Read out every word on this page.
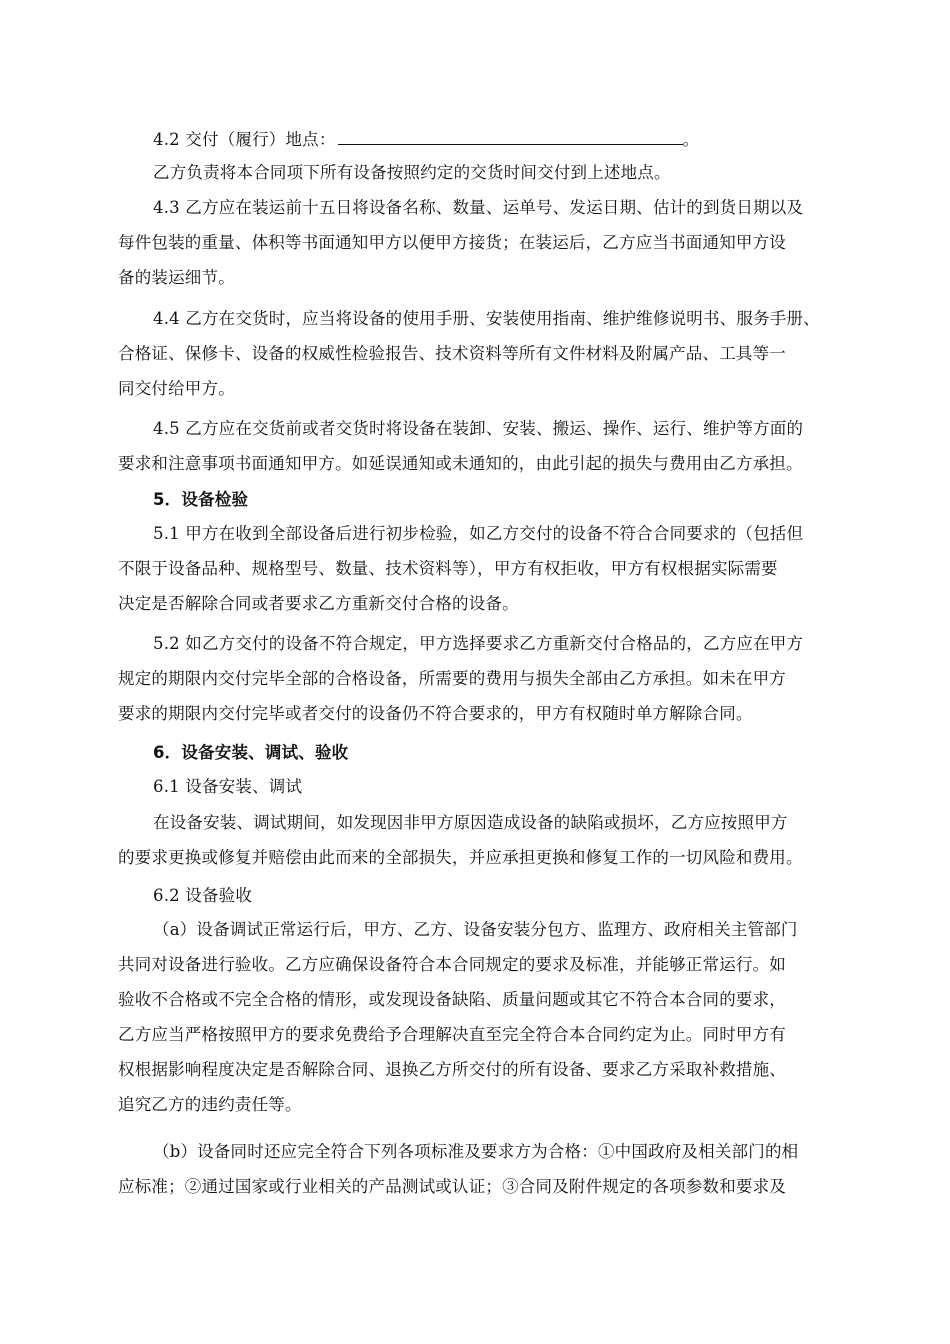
4.2 交付（履行）地点：	。
乙方负责将本合同项下所有设备按照约定的交货时间交付到上述地点。
4.3 乙方应在装运前十五日将设备名称、数量、运单号、发运日期、估计的到货日期以及
每件包装的重量、体积等书面通知甲方以便甲方接货；在装运后，乙方应当书面通知甲方设
备的装运细节。
4.4 乙方在交货时，应当将设备的使用手册、安装使用指南、维护维修说明书、服务手册、
合格证、保修卡、设备的权威性检验报告、技术资料等所有文件材料及附属产品、工具等一
同交付给甲方。
4.5 乙方应在交货前或者交货时将设备在装卸、安装、搬运、操作、运行、维护等方面的
要求和注意事项书面通知甲方。如延误通知或未通知的，由此引起的损失与费用由乙方承担。
5．设备检验
5.1 甲方在收到全部设备后进行初步检验，如乙方交付的设备不符合合同要求的（包括但
不限于设备品种、规格型号、数量、技术资料等），甲方有权拒收，甲方有权根据实际需要
决定是否解除合同或者要求乙方重新交付合格的设备。
5.2 如乙方交付的设备不符合规定，甲方选择要求乙方重新交付合格品的，乙方应在甲方
规定的期限内交付完毕全部的合格设备，所需要的费用与损失全部由乙方承担。如未在甲方
要求的期限内交付完毕或者交付的设备仍不符合要求的，甲方有权随时单方解除合同。
6．设备安装、调试、验收
6.1 设备安装、调试
在设备安装、调试期间，如发现因非甲方原因造成设备的缺陷或损坏，乙方应按照甲方
的要求更换或修复并赔偿由此而来的全部损失，并应承担更换和修复工作的一切风险和费用。
6.2 设备验收
（a）设备调试正常运行后，甲方、乙方、设备安装分包方、监理方、政府相关主管部门
共同对设备进行验收。乙方应确保设备符合本合同规定的要求及标准，并能够正常运行。如
验收不合格或不完全合格的情形，或发现设备缺陷、质量问题或其它不符合本合同的要求，
乙方应当严格按照甲方的要求免费给予合理解决直至完全符合本合同约定为止。同时甲方有
权根据影响程度决定是否解除合同、退换乙方所交付的所有设备、要求乙方采取补救措施、
追究乙方的违约责任等。
（b）设备同时还应完全符合下列各项标准及要求方为合格：①中国政府及相关部门的相
应标准；②通过国家或行业相关的产品测试或认证；③合同及附件规定的各项参数和要求及
